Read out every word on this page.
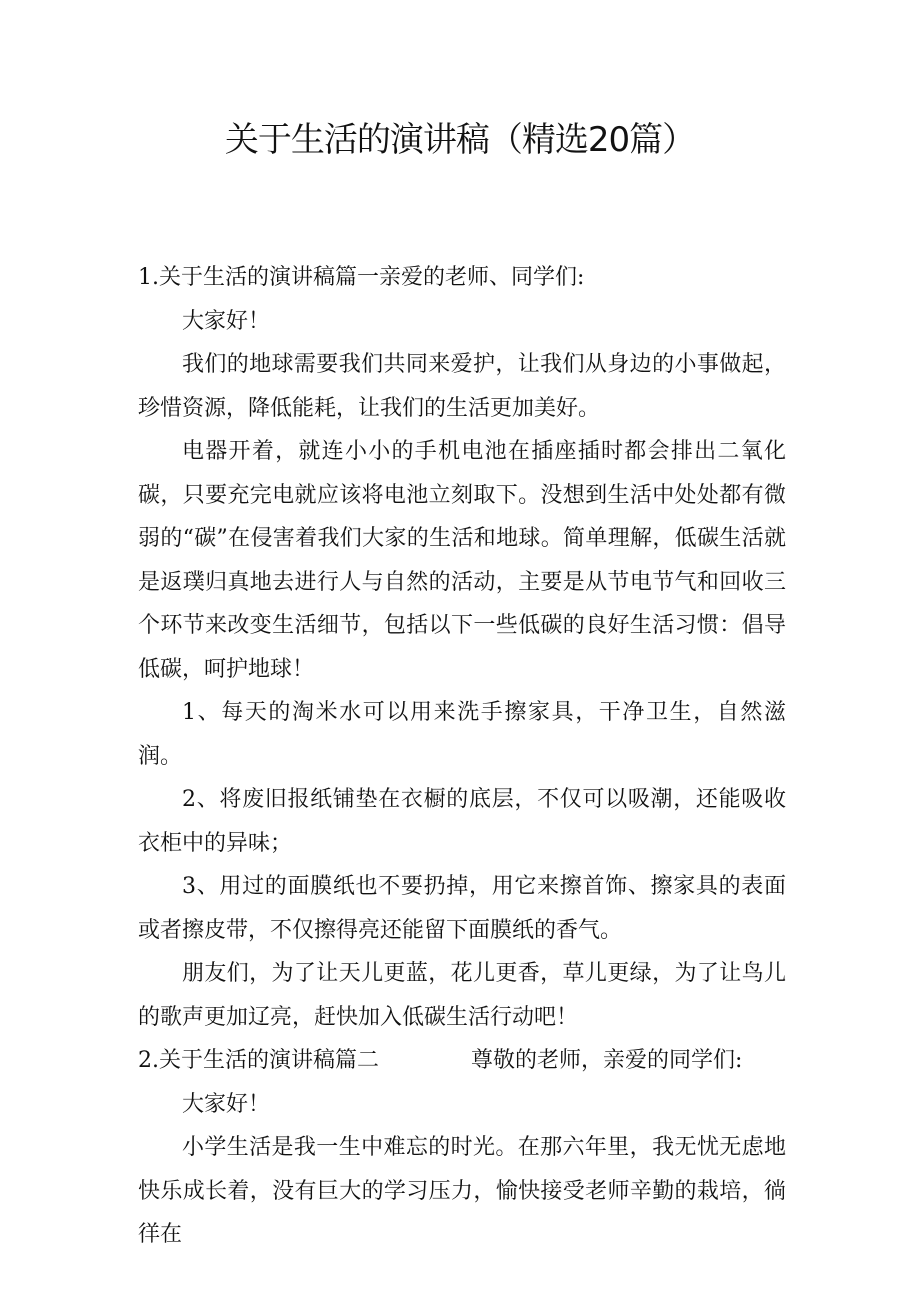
关于生活的演讲稿（精选20篇）

1.关于生活的演讲稿篇一亲爱的老师、同学们:

大家好！

我们的地球需要我们共同来爱护，让我们从身边的小事做起，珍惜资源，降低能耗，让我们的生活更加美好。

电器开着，就连小小的手机电池在插座插时都会排出二氧化碳，只要充完电就应该将电池立刻取下。没想到生活中处处都有微弱的“碳”在侵害着我们大家的生活和地球。简单理解，低碳生活就是返璞归真地去进行人与自然的活动，主要是从节电节气和回收三个环节来改变生活细节，包括以下一些低碳的良好生活习惯：倡导低碳，呵护地球！

1、每天的淘米水可以用来洗手擦家具，干净卫生，自然滋润。

2、将废旧报纸铺垫在衣橱的底层，不仅可以吸潮，还能吸收衣柜中的异味；

3、用过的面膜纸也不要扔掉，用它来擦首饰、擦家具的表面或者擦皮带，不仅擦得亮还能留下面膜纸的香气。

朋友们，为了让天儿更蓝，花儿更香，草儿更绿，为了让鸟儿的歌声更加辽亮，赶快加入低碳生活行动吧！

2.关于生活的演讲稿篇二	尊敬的老师，亲爱的同学们:

大家好！

小学生活是我一生中难忘的时光。在那六年里，我无忧无虑地快乐成长着，没有巨大的学习压力，愉快接受老师辛勤的栽培，徜徉在
